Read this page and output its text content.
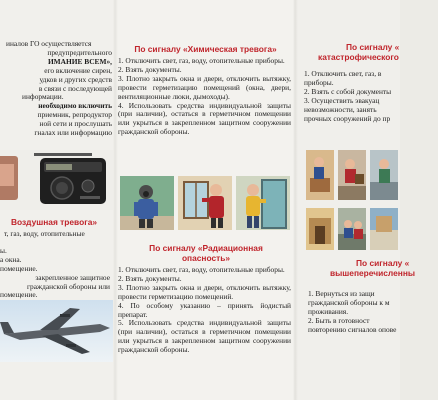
иналов ГО осуществляется

предупредительного

ИМАНИЕ ВСЕМ»,

его включение сирен,

удков и других средств

в связи с последующей

информации.

необходимо включить

приемник, репродуктор

ной сети и прослушать

гналах или информацию

Воздушная тревога»

т, газ, воду, отопительные

ы.

а окна.

помещение.

закрепленное защитное

гражданской обороны или

помещение.

По сигналу «Химическая тревога»

1. Отключить свет, газ, воду, отопительные приборы.

2. Взять документы.

3. Плотно закрыть окна и двери, отключить вытяжку, провести герметизацию помещений (окна, двери, вентиляционные люки, дымоходы).

4. Использовать средства индивидуальной защиты (при наличии), остаться в герметичном помещении или укрыться в закрепленном защитном сооружении гражданской обороны.

По сигналу «Радиационная опасность»

1. Отключить свет, газ, воду, отопительные приборы.

2. Взять документы.

3. Плотно закрыть окна и двери, отключить вытяжку, провести герметизацию помещений.

4. По особому указанию – принять йодистый препарат.

5. Использовать средства индивидуальной защиты (при наличии), остаться в герметичном помещении или укрыться в закрепленном защитном сооружении гражданской обороны.

По сигналу «

катастрофического

1. Отключить свет, газ, в

приборы.

2. Взять с собой документы

3. Осуществить эвакуац

невозможности, занять

прочных сооружений до пр

По сигналу «

вышеперечисленны

1. Вернуться из защи

гражданской обороны к м

проживания.

2. Быть в готовност

повторению сигналов опове
